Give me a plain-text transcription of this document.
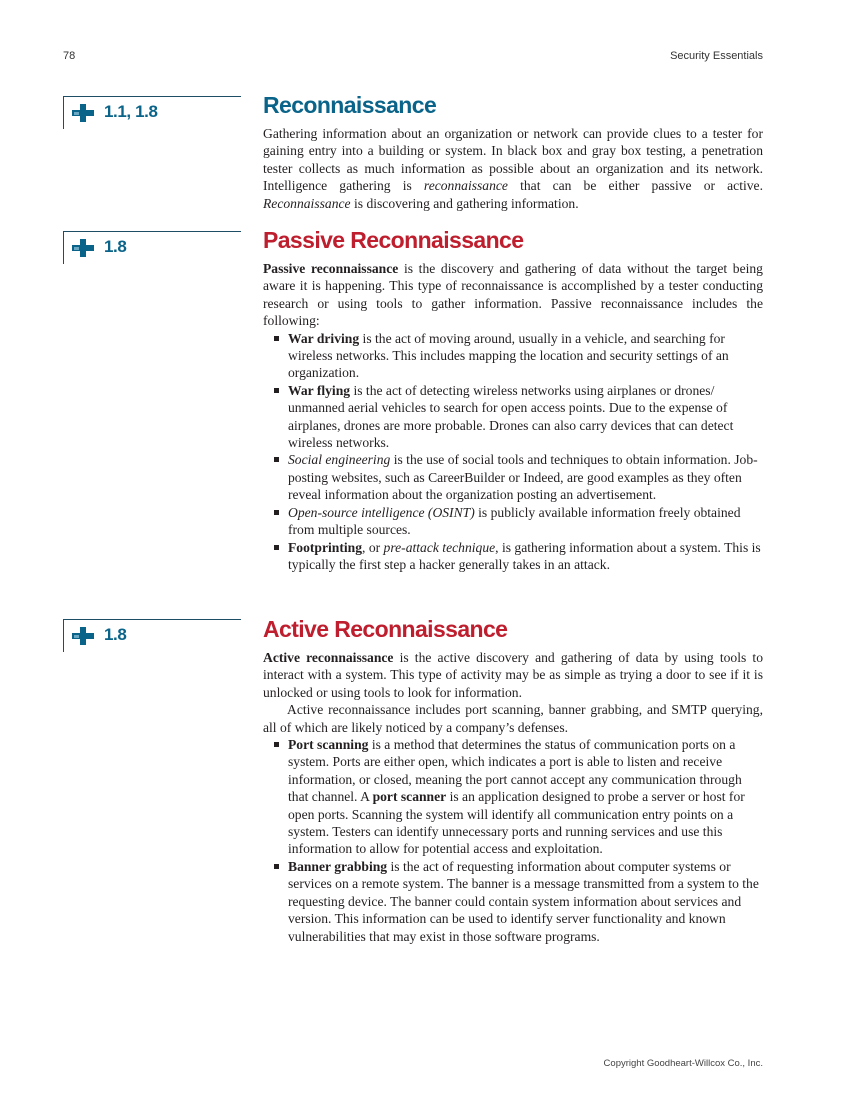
78	Security Essentials
1.1, 1.8
1.8
1.8
Reconnaissance

Gathering information about an organization or network can provide clues to a tester for gaining entry into a building or system. In black box and gray box testing, a penetration tester collects as much information as possible about an organization and its network. Intelligence gathering is reconnaissance that can be either passive or active. Reconnaissance is discovering and gathering information.

Passive Reconnaissance

Passive reconnaissance is the discovery and gathering of data without the target being aware it is happening. This type of reconnaissance is accomplished by a tester conducting research or using tools to gather information. Passive reconnaissance includes the following:

War driving is the act of moving around, usually in a vehicle, and searching for wireless networks. This includes mapping the location and security settings of an organization.
War flying is the act of detecting wireless networks using airplanes or drones/ unmanned aerial vehicles to search for open access points. Due to the expense of airplanes, drones are more probable. Drones can also carry devices that can detect wireless networks.
Social engineering is the use of social tools and techniques to obtain information. Job-posting websites, such as CareerBuilder or Indeed, are good examples as they often reveal information about the organization posting an advertisement.
Open-source intelligence (OSINT) is publicly available information freely obtained from multiple sources.
Footprinting, or pre-attack technique, is gathering information about a system. This is typically the first step a hacker generally takes in an attack.
Active Reconnaissance

Active reconnaissance is the active discovery and gathering of data by using tools to interact with a system. This type of activity may be as simple as trying a door to see if it is unlocked or using tools to look for information.

Active reconnaissance includes port scanning, banner grabbing, and SMTP querying, all of which are likely noticed by a company’s defenses.

Port scanning is a method that determines the status of communication ports on a system. Ports are either open, which indicates a port is able to listen and receive information, or closed, meaning the port cannot accept any communication through that channel. A port scanner is an application designed to probe a server or host for open ports. Scanning the system will identify all communication entry points on a system. Testers can identify unnecessary ports and running services and use this information to allow for potential access and exploitation.
Banner grabbing is the act of requesting information about computer systems or services on a remote system. The banner is a message transmitted from a system to the requesting device. The banner could contain system information about services and version. This information can be used to identify server functionality and known vulnerabilities that may exist in those software programs.
Copyright Goodheart-Willcox Co., Inc.
